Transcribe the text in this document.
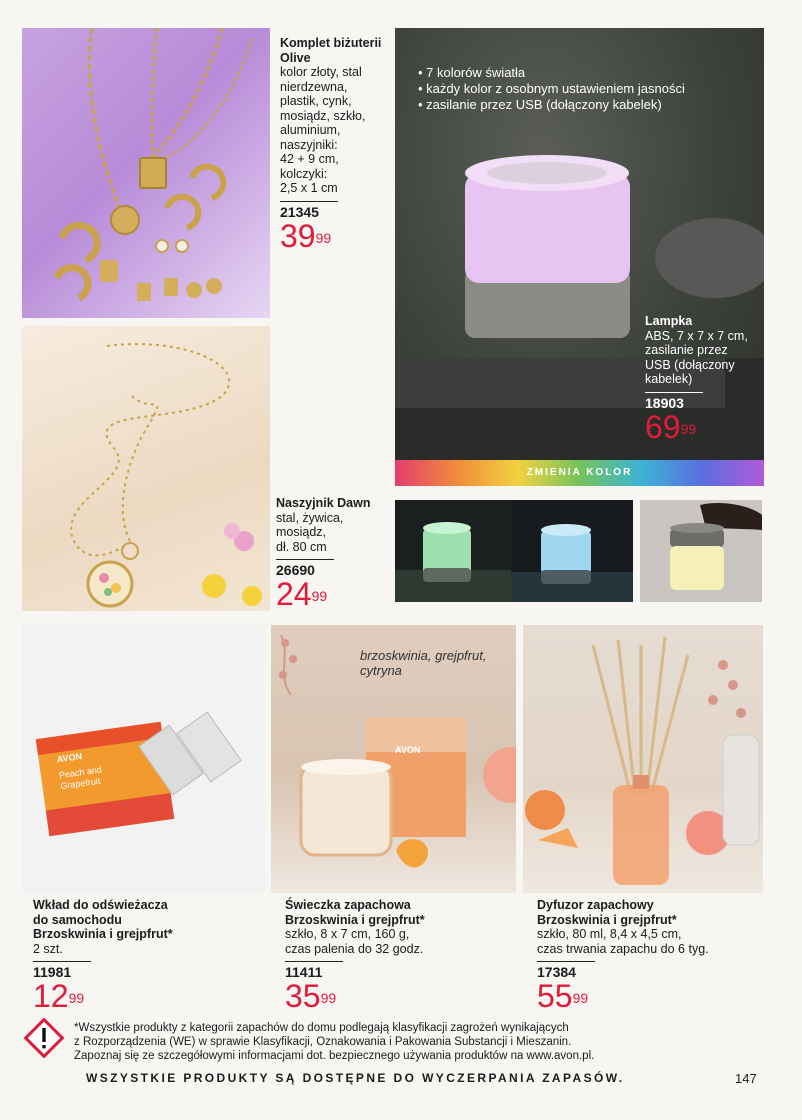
Komplet biżuterii Olive
kolor złoty, stal
nierdzewna,
plastik, cynk,
mosiądz, szkło,
aluminium,
naszyjniki:
42 + 9 cm,
kolczyki:
2,5 x 1 cm
21345
$39^{99}$
• 7 kolorów światła
• każdy kolor z osobnym ustawieniem jasności
• zasilanie przez USB (dołączony kabelek)
Lampka
ABS, 7 x 7 x 7 cm,
zasilanie przez
USB (dołączony
kabelek)
18903
$69^{99}$
ZMIENIA KOLOR
Naszyjnik Dawn
stal, żywica,
mosiądz,
dł. 80 cm
26690
$24^{99}$
AVON
Peach and Grapefruit
Wkład do odświeżacza
do samochodu
Brzoskwinia i grejpfrut*
2 szt.
11981
$12^{99}$
AVON
brzoskwinia, grejpfrut,
cytryna
Świeczka zapachowa
Brzoskwinia i grejpfrut*
szkło, 8 x 7 cm, 160 g,
czas palenia do 32 godz.
11411
$35^{99}$
Dyfuzor zapachowy
Brzoskwinia i grejpfrut*
szkło, 80 ml, 8,4 x 4,5 cm,
czas trwania zapachu do 6 tyg.
17384
$55^{99}$
*Wszystkie produkty z kategorii zapachów do domu podlegają klasyfikacji zagrożeń wynikających
z Rozporządzenia (WE) w sprawie Klasyfikacji, Oznakowania i Pakowania Substancji i Mieszanin.
Zapoznaj się ze szczegółowymi informacjami dot. bezpiecznego używania produktów na www.avon.pl.
WSZYSTKIE PRODUKTY SĄ DOSTĘPNE DO WYCZERPANIA ZAPASÓW.	147
